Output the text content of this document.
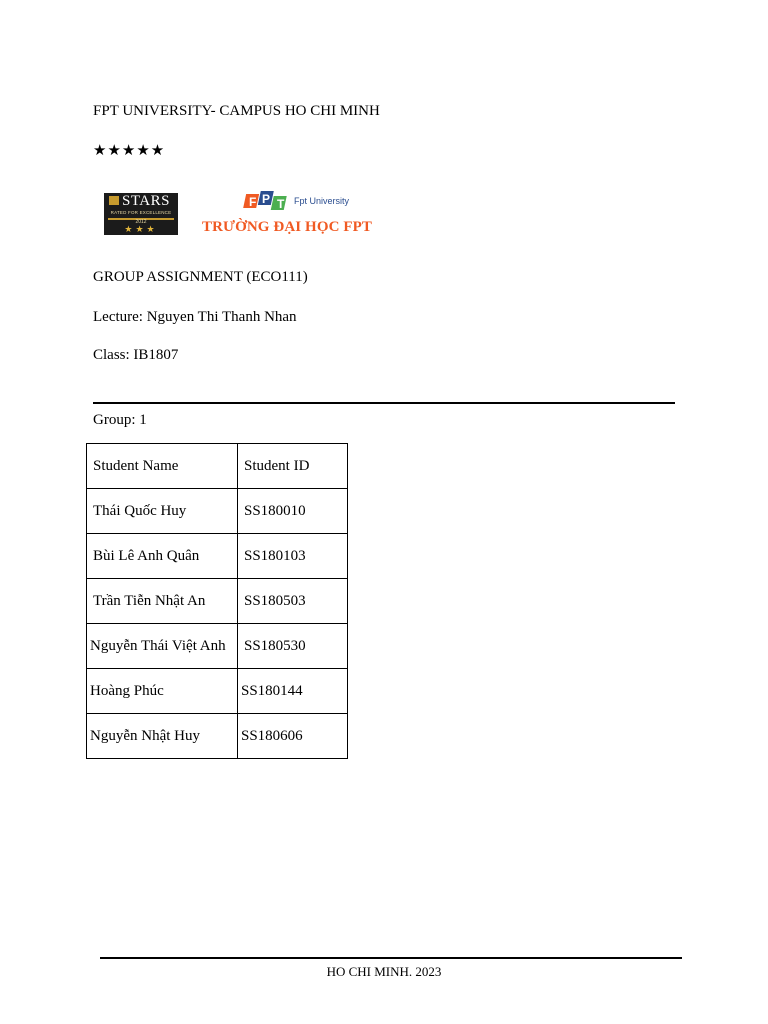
FPT UNIVERSITY- CAMPUS HO CHI MINH
★★★★★
STARS
RATED FOR EXCELLENCE
2012
★★★
F P T Fpt University
TRƯỜNG ĐẠI HỌC FPT
GROUP ASSIGNMENT (ECO111)
Lecture: Nguyen Thi Thanh Nhan
Class: IB1807
Group: 1
Student Name	Student ID

Thái Quốc Huy	SS180010

Bùi Lê Anh Quân	SS180103

Trần Tiễn Nhật An	SS180503

Nguyễn Thái Việt Anh	SS180530

Hoàng Phúc	SS180144

Nguyễn Nhật Huy	SS180606
HO CHI MINH. 2023
